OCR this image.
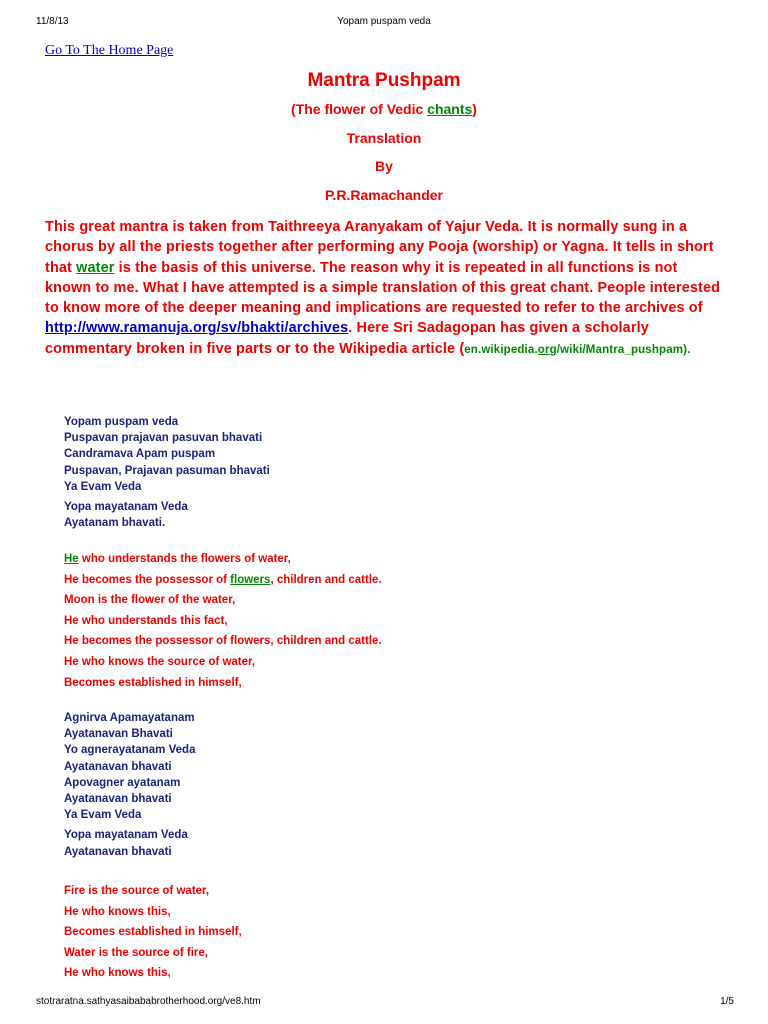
11/8/13	Yopam puspam veda
Go To The Home Page
Mantra Pushpam
(The flower of Vedic chants)
Translation
By
P.R.Ramachander
This great mantra is taken from Taithreeya Aranyakam of Yajur Veda. It is normally sung in a chorus by all the priests together after performing any Pooja (worship) or Yagna. It tells in short that water is the basis of this universe. The reason why it is repeated in all functions is not known to me. What I have attempted is a simple translation of this great chant. People interested to know more of the deeper meaning and implications are requested to refer to the archives of http://www.ramanuja.org/sv/bhakti/archives. Here Sri Sadagopan has given a scholarly commentary broken in five parts or to the Wikipedia article (en.wikipedia.org/wiki/Mantra_pushpam).
Yopam puspam veda
Puspavan prajavan pasuvan bhavati
Candramava Apam puspam
Puspavan, Prajavan pasuman bhavati
Ya Evam Veda
Yopa mayatanam Veda
Ayatanam bhavati.
He who understands the flowers of water,
He becomes the possessor of flowers, children and cattle.
Moon is the flower of the water,
He who understands this fact,
He becomes the possessor of flowers, children and cattle.
He who knows the source of water,
Becomes established in himself,
Agnirva Apamayatanam
Ayatanavan Bhavati
Yo agnerayatanam Veda
Ayatanavan bhavati
Apovagner ayatanam
Ayatanavan bhavati
Ya Evam Veda
Yopa mayatanam Veda
Ayatanavan bhavati
Fire is the source of water,
He who knows this,
Becomes established in himself,
Water is the source of fire,
He who knows this,
stotraratna.sathyasaibababrotherhood.org/ve8.htm	1/5
